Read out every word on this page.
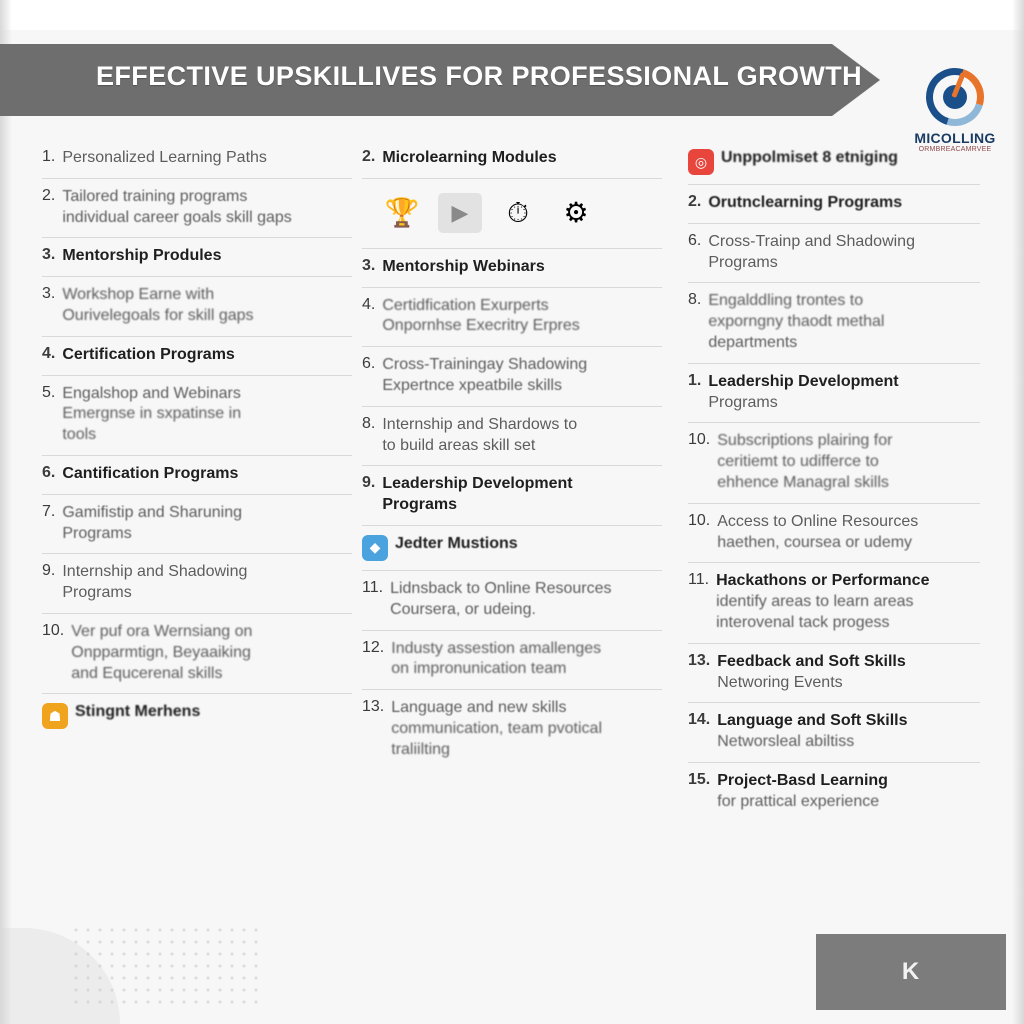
EFFECTIVE UPSKILLIVES FOR PROFESSIONAL GROWTH
MICOLLING
ORMBREACAMRVEE
1. Personalized Learning Paths
2. Tailored training programs
individual career goals skill gaps
3. Mentorship Produles
3. Workshop Earne with
Ourivelegoals for skill gaps
4. Certification Programs
5. Engalshop and Webinars
Emergnse in sxpatinse in
tools
6. Cantification Programs
7. Gamifistip and Sharuning
Programs
9. Internship and Shadowing
Programs
10. Ver puf ora Wernsiang on
Onpparmtign, Beyaaiking
and Equcerenal skills
☗ Stingnt Merhens
2. Microlearning Modules
🏆	▶	⏱	⚙
3. Mentorship Webinars
4. Certidfication Exurperts
Onpornhse Execritry Erpres
6. Cross-Trainingay Shadowing
Expertnce xpeatbile skills
8. Internship and Shardows to
to build areas skill set
9. Leadership Development
Programs
◆ Jedter Mustions
11. Lidnsback to Online Resources
Coursera, or udeing.
12. Industy assestion amallenges
on impronunication team
13. Language and new skills
communication, team pvotical
traliilting
◎ Unppolmiset 8 etniging
2. Orutnclearning Programs
6. Cross-Trainp and Shadowing
Programs
8. Engalddling trontes to
exporngny thaodt methal
departments
1. Leadership Development
Programs
10. Subscriptions plairing for
ceritiemt to udifferce to
ehhence Managral skills
10. Access to Online Resources
haethen, coursea or udemy
11. Hackathons or Performance
identify areas to learn areas
interovenal tack progess
13. Feedback and Soft Skills
Networing Events
14. Language and Soft Skills
Networsleal abiltiss
15. Project-Basd Learning
for prattical experience
K
